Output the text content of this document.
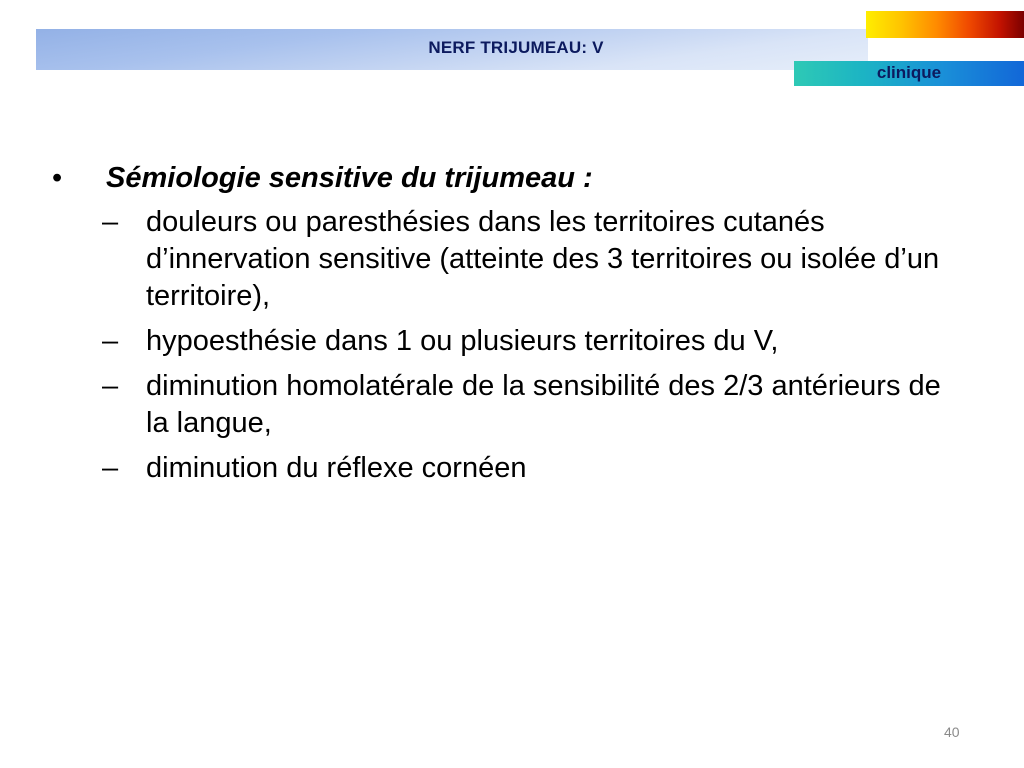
NERF TRIJUMEAU: V
clinique
•	Sémiologie sensitive du trijumeau :
– douleurs ou paresthésies dans les territoires cutanés d’innervation sensitive (atteinte des 3 territoires ou isolée d’un territoire),
– hypoesthésie dans 1 ou plusieurs territoires du V,
– diminution homolatérale de la sensibilité des 2/3 antérieurs de la langue,
– diminution du réflexe cornéen
40
